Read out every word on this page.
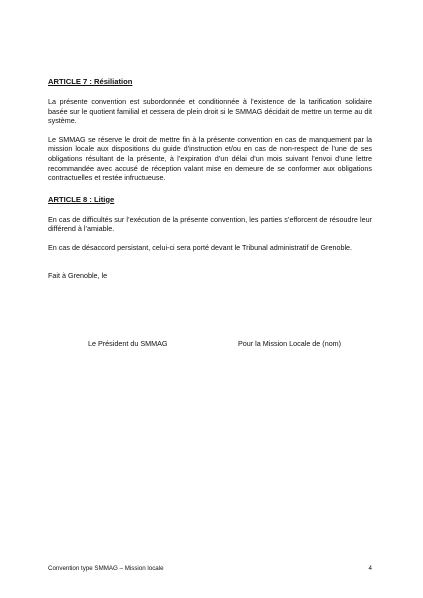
ARTICLE 7 : Résiliation

La présente convention est subordonnée et conditionnée à l’existence de la tarification solidaire basée sur le quotient familial et cessera de plein droit si le SMMAG décidait de mettre un terme au dit système.

Le SMMAG se réserve le droit de mettre fin à la présente convention en cas de manquement par la mission locale aux dispositions du guide d’instruction et/ou en cas de non-respect de l’une de ses obligations résultant de la présente, à l’expiration d’un délai d’un mois suivant l’envoi d’une lettre recommandée avec accusé de réception valant mise en demeure de se conformer aux obligations contractuelles et restée infructueuse.

ARTICLE 8 : Litige

En cas de difficultés sur l’exécution de la présente convention, les parties s’efforcent de résoudre leur différend à l’amiable.

En cas de désaccord persistant, celui-ci sera porté devant le Tribunal administratif de Grenoble.

Fait à Grenoble, le
Le Président du SMMAG	Pour la Mission Locale de (nom)
Convention type SMMAG – Mission locale	4
